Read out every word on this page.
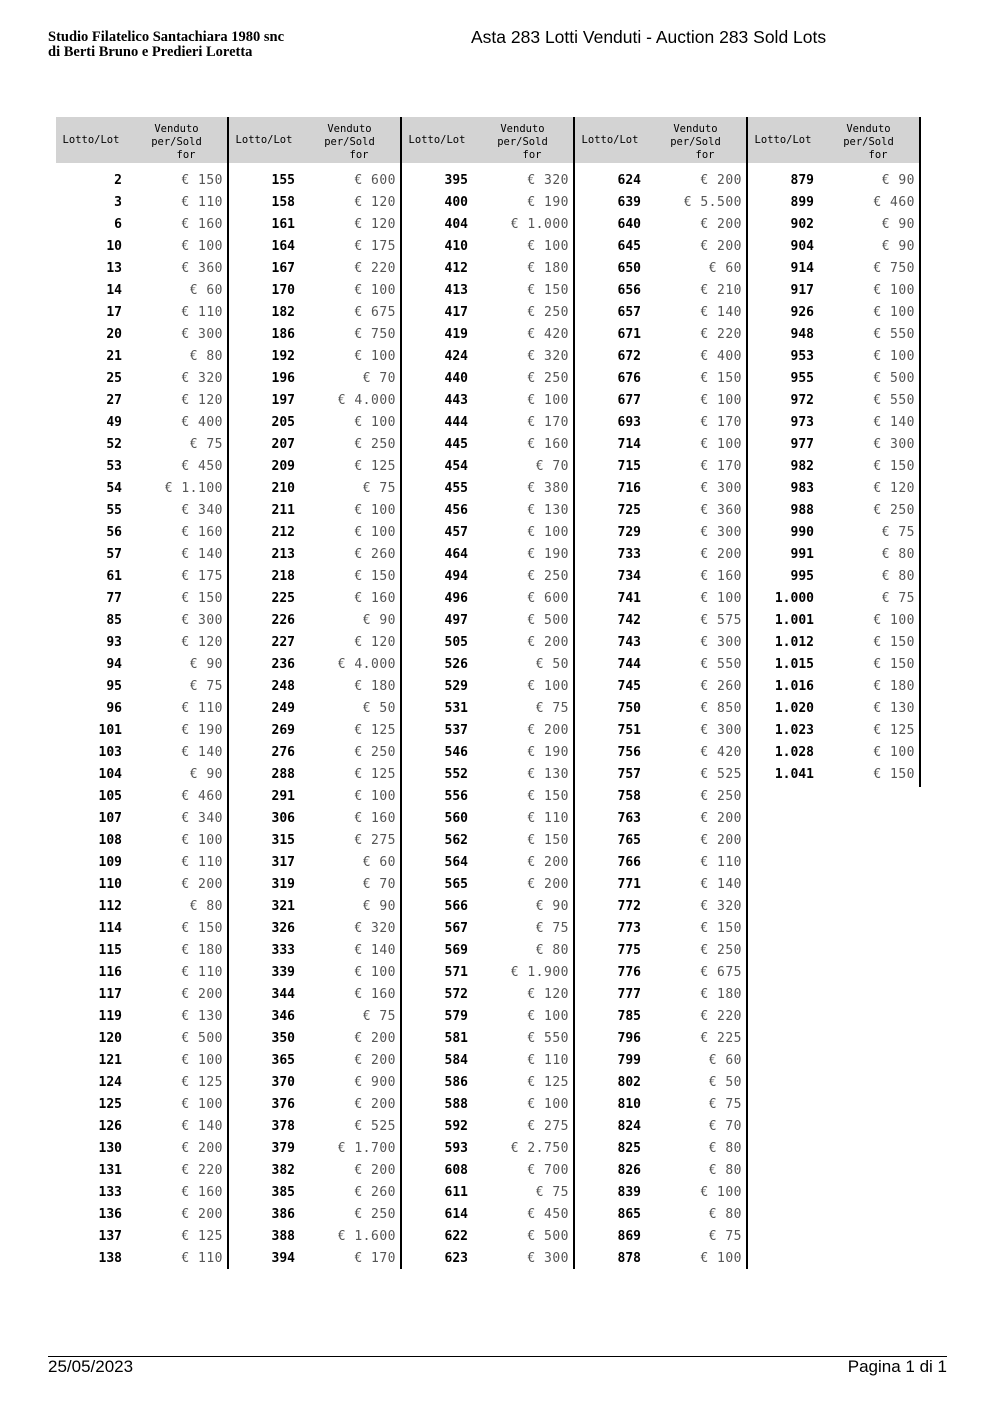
Studio Filatelico Santachiara 1980 snc
di Berti Bruno e Predieri Loretta
Asta 283 Lotti Venduti - Auction 283 Sold Lots
Lotto/Lot
Venduto
per/Sold
for
2	€ 150
3	€ 110
6	€ 160
10	€ 100
13	€ 360
14	€ 60
17	€ 110
20	€ 300
21	€ 80
25	€ 320
27	€ 120
49	€ 400
52	€ 75
53	€ 450
54	€ 1.100
55	€ 340
56	€ 160
57	€ 140
61	€ 175
77	€ 150
85	€ 300
93	€ 120
94	€ 90
95	€ 75
96	€ 110
101	€ 190
103	€ 140
104	€ 90
105	€ 460
107	€ 340
108	€ 100
109	€ 110
110	€ 200
112	€ 80
114	€ 150
115	€ 180
116	€ 110
117	€ 200
119	€ 130
120	€ 500
121	€ 100
124	€ 125
125	€ 100
126	€ 140
130	€ 200
131	€ 220
133	€ 160
136	€ 200
137	€ 125
138	€ 110
Lotto/Lot
Venduto
per/Sold
for
155	€ 600
158	€ 120
161	€ 120
164	€ 175
167	€ 220
170	€ 100
182	€ 675
186	€ 750
192	€ 100
196	€ 70
197	€ 4.000
205	€ 100
207	€ 250
209	€ 125
210	€ 75
211	€ 100
212	€ 100
213	€ 260
218	€ 150
225	€ 160
226	€ 90
227	€ 120
236	€ 4.000
248	€ 180
249	€ 50
269	€ 125
276	€ 250
288	€ 125
291	€ 100
306	€ 160
315	€ 275
317	€ 60
319	€ 70
321	€ 90
326	€ 320
333	€ 140
339	€ 100
344	€ 160
346	€ 75
350	€ 200
365	€ 200
370	€ 900
376	€ 200
378	€ 525
379	€ 1.700
382	€ 200
385	€ 260
386	€ 250
388	€ 1.600
394	€ 170
Lotto/Lot
Venduto
per/Sold
for
395	€ 320
400	€ 190
404	€ 1.000
410	€ 100
412	€ 180
413	€ 150
417	€ 250
419	€ 420
424	€ 320
440	€ 250
443	€ 100
444	€ 170
445	€ 160
454	€ 70
455	€ 380
456	€ 130
457	€ 100
464	€ 190
494	€ 250
496	€ 600
497	€ 500
505	€ 200
526	€ 50
529	€ 100
531	€ 75
537	€ 200
546	€ 190
552	€ 130
556	€ 150
560	€ 110
562	€ 150
564	€ 200
565	€ 200
566	€ 90
567	€ 75
569	€ 80
571	€ 1.900
572	€ 120
579	€ 100
581	€ 550
584	€ 110
586	€ 125
588	€ 100
592	€ 275
593	€ 2.750
608	€ 700
611	€ 75
614	€ 450
622	€ 500
623	€ 300
Lotto/Lot
Venduto
per/Sold
for
624	€ 200
639	€ 5.500
640	€ 200
645	€ 200
650	€ 60
656	€ 210
657	€ 140
671	€ 220
672	€ 400
676	€ 150
677	€ 100
693	€ 170
714	€ 100
715	€ 170
716	€ 300
725	€ 360
729	€ 300
733	€ 200
734	€ 160
741	€ 100
742	€ 575
743	€ 300
744	€ 550
745	€ 260
750	€ 850
751	€ 300
756	€ 420
757	€ 525
758	€ 250
763	€ 200
765	€ 200
766	€ 110
771	€ 140
772	€ 320
773	€ 150
775	€ 250
776	€ 675
777	€ 180
785	€ 220
796	€ 225
799	€ 60
802	€ 50
810	€ 75
824	€ 70
825	€ 80
826	€ 80
839	€ 100
865	€ 80
869	€ 75
878	€ 100
Lotto/Lot
Venduto
per/Sold
for
879	€ 90
899	€ 460
902	€ 90
904	€ 90
914	€ 750
917	€ 100
926	€ 100
948	€ 550
953	€ 100
955	€ 500
972	€ 550
973	€ 140
977	€ 300
982	€ 150
983	€ 120
988	€ 250
990	€ 75
991	€ 80
995	€ 80
1.000	€ 75
1.001	€ 100
1.012	€ 150
1.015	€ 150
1.016	€ 180
1.020	€ 130
1.023	€ 125
1.028	€ 100
1.041	€ 150
25/05/2023	Pagina 1 di 1
